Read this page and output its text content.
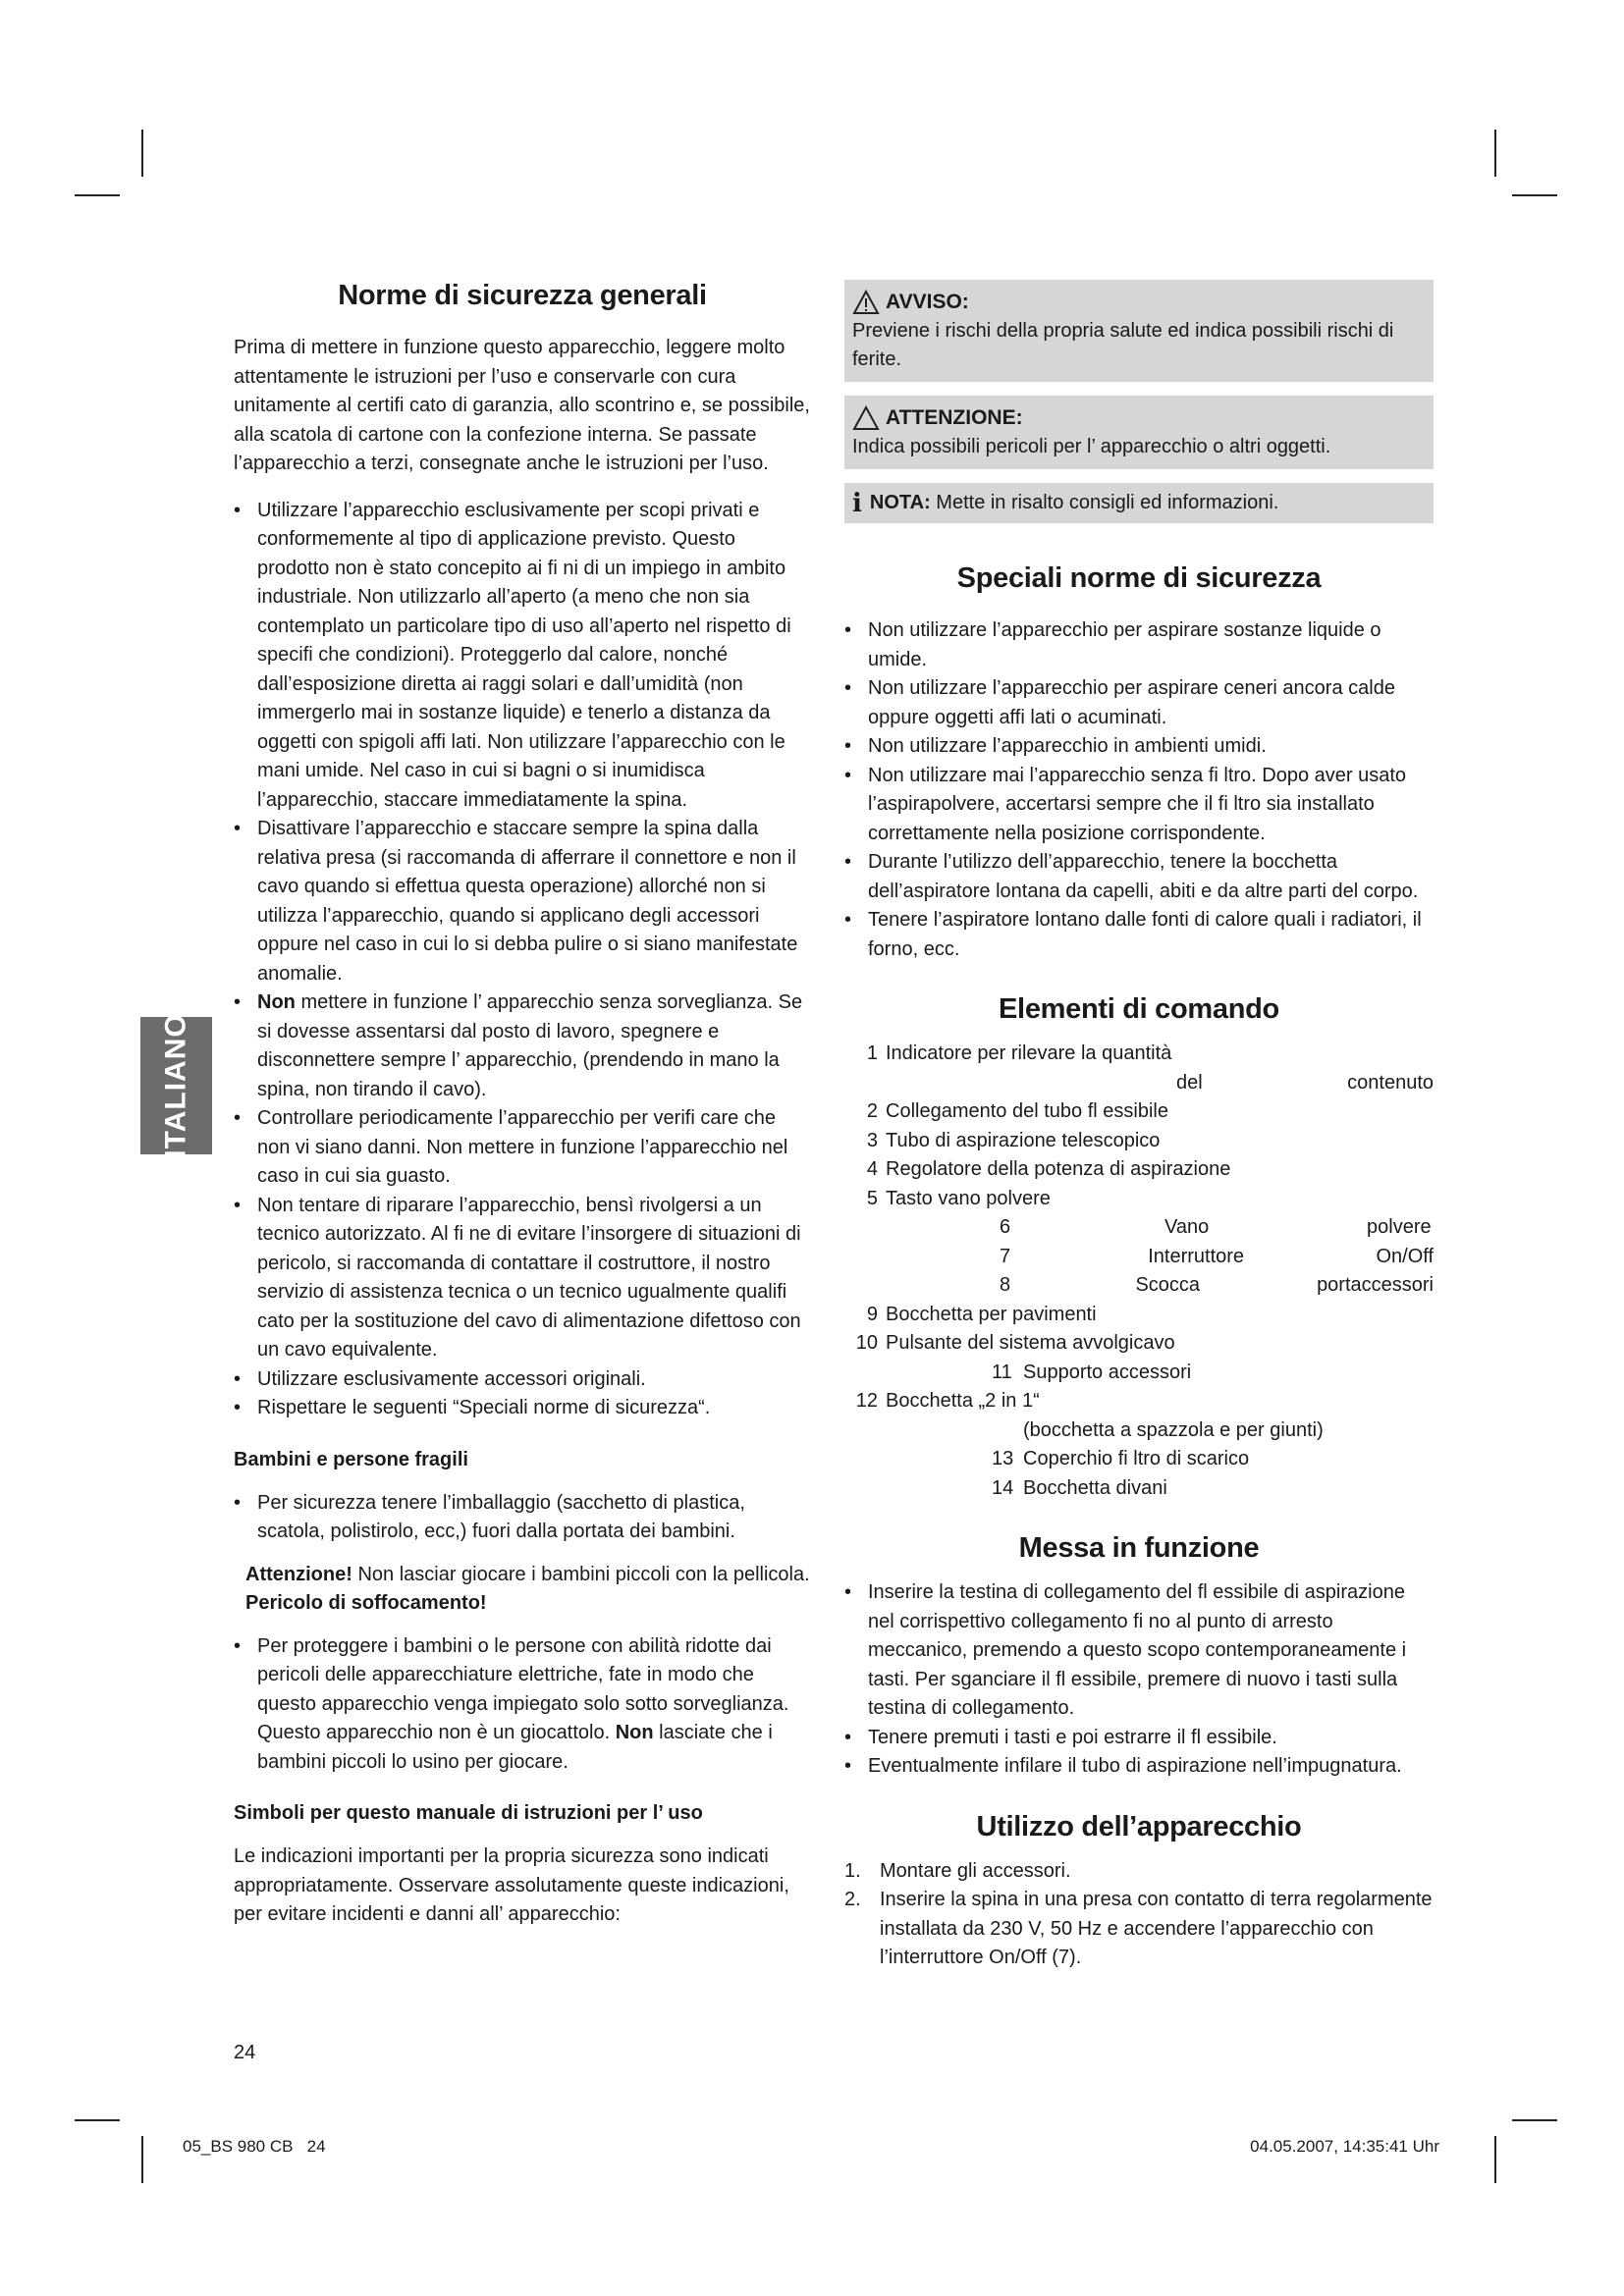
ITALIANO
Norme di sicurezza generali

Prima di mettere in funzione questo apparecchio, leggere molto attentamente le istruzioni per l’uso e conservarle con cura unitamente al certifi cato di garanzia, allo scontrino e, se possibile, alla scatola di cartone con la confezione interna. Se passate l’apparecchio a terzi, consegnate anche le istruzioni per l’uso.

• Utilizzare l’apparecchio esclusivamente per scopi privati e conformemente al tipo di applicazione previsto. Questo prodotto non è stato concepito ai fi ni di un impiego in ambito industriale. Non utilizzarlo all’aperto (a meno che non sia contemplato un particolare tipo di uso all’aperto nel rispetto di specifi che condizioni). Proteggerlo dal calore, nonché dall’esposizione diretta ai raggi solari e dall’umidità (non immergerlo mai in sostanze liquide) e tenerlo a distanza da oggetti con spigoli affi lati. Non utilizzare l’apparecchio con le mani umide. Nel caso in cui si bagni o si inumidisca l’apparecchio, staccare immediatamente la spina.
• Disattivare l’apparecchio e staccare sempre la spina dalla relativa presa (si raccomanda di afferrare il connettore e non il cavo quando si effettua questa operazione) allorché non si utilizza l’apparecchio, quando si applicano degli accessori oppure nel caso in cui lo si debba pulire o si siano manifestate anomalie.
• Non mettere in funzione l’ apparecchio senza sorveglianza. Se si dovesse assentarsi dal posto di lavoro, spegnere e disconnettere sempre l’ apparecchio, (prendendo in mano la spina, non tirando il cavo).
• Controllare periodicamente l’apparecchio per verifi care che non vi siano danni. Non mettere in funzione l’apparecchio nel caso in cui sia guasto.
• Non tentare di riparare l’apparecchio, bensì rivolgersi a un tecnico autorizzato. Al fi ne di evitare l’insorgere di situazioni di pericolo, si raccomanda di contattare il costruttore, il nostro servizio di assistenza tecnica o un tecnico ugualmente qualifi cato per la sostituzione del cavo di alimentazione difettoso con un cavo equivalente.
• Utilizzare esclusivamente accessori originali.
• Rispettare le seguenti “Speciali norme di sicurezza“.
Bambini e persone fragili
• Per sicurezza tenere l’imballaggio (sacchetto di plastica, scatola, polistirolo, ecc,) fuori dalla portata dei bambini.

Attenzione! Non lasciar giocare i bambini piccoli con la pellicola. Pericolo di soffocamento!

• Per proteggere i bambini o le persone con abilità ridotte dai pericoli delle apparecchiature elettriche, fate in modo che questo apparecchio venga impiegato solo sotto sorveglianza. Questo apparecchio non è un giocattolo. Non lasciate che i bambini piccoli lo usino per giocare.
Simboli per questo manuale di istruzioni per l’ uso

Le indicazioni importanti per la propria sicurezza sono indicati appropriatamente. Osservare assolutamente queste indicazioni, per evitare incidenti e danni all’ apparecchio:

AVVISO:

Previene i rischi della propria salute ed indica possibili rischi di ferite.

ATTENZIONE:

Indica possibili pericoli per l’ apparecchio o altri oggetti.

i NOTA: Mette in risalto consigli ed informazioni.

Speciali norme di sicurezza
• Non utilizzare l’apparecchio per aspirare sostanze liquide o umide.
• Non utilizzare l’apparecchio per aspirare ceneri ancora calde oppure oggetti affi lati o acuminati.
• Non utilizzare l’apparecchio in ambienti umidi.
• Non utilizzare mai l’apparecchio senza fi ltro. Dopo aver usato l’aspirapolvere, accertarsi sempre che il fi ltro sia installato correttamente nella posizione corrispondente.
• Durante l’utilizzo dell’apparecchio, tenere la bocchetta dell’aspiratore lontana da capelli, abiti e da altre parti del corpo.
• Tenere l’aspiratore lontano dalle fonti di calore quali i radiatori, il forno, ecc.
Elementi di comando
1 Indicatore per rilevare la quantità
del	contenuto
2 Collegamento del tubo fl essibile
3 Tubo di aspirazione telescopico
4 Regolatore della potenza di aspirazione
5 Tasto vano polvere
6	Vano	polvere
7	Interruttore	On/Off
8	Scocca	portaccessori
9 Bocchetta per pavimenti
10 Pulsante del sistema avvolgicavo
11 Supporto accessori
12 Bocchetta „2 in 1“
(bocchetta a spazzola e per giunti)
13 Coperchio fi ltro di scarico
14 Bocchetta divani
Messa in funzione
• Inserire la testina di collegamento del fl essibile di aspirazione nel corrispettivo collegamento fi no al punto di arresto meccanico, premendo a questo scopo contemporaneamente i tasti. Per sganciare il fl essibile, premere di nuovo i tasti sulla testina di collegamento.
• Tenere premuti i tasti e poi estrarre il fl essibile.
• Eventualmente infilare il tubo di aspirazione nell’impugnatura.
Utilizzo dell’apparecchio
1. Montare gli accessori.
2. Inserire la spina in una presa con contatto di terra regolarmente installata da 230 V, 50 Hz e accendere l’apparecchio con l’interruttore On/Off (7).
24
05_BS 980 CB   24	04.05.2007, 14:35:41 Uhr
